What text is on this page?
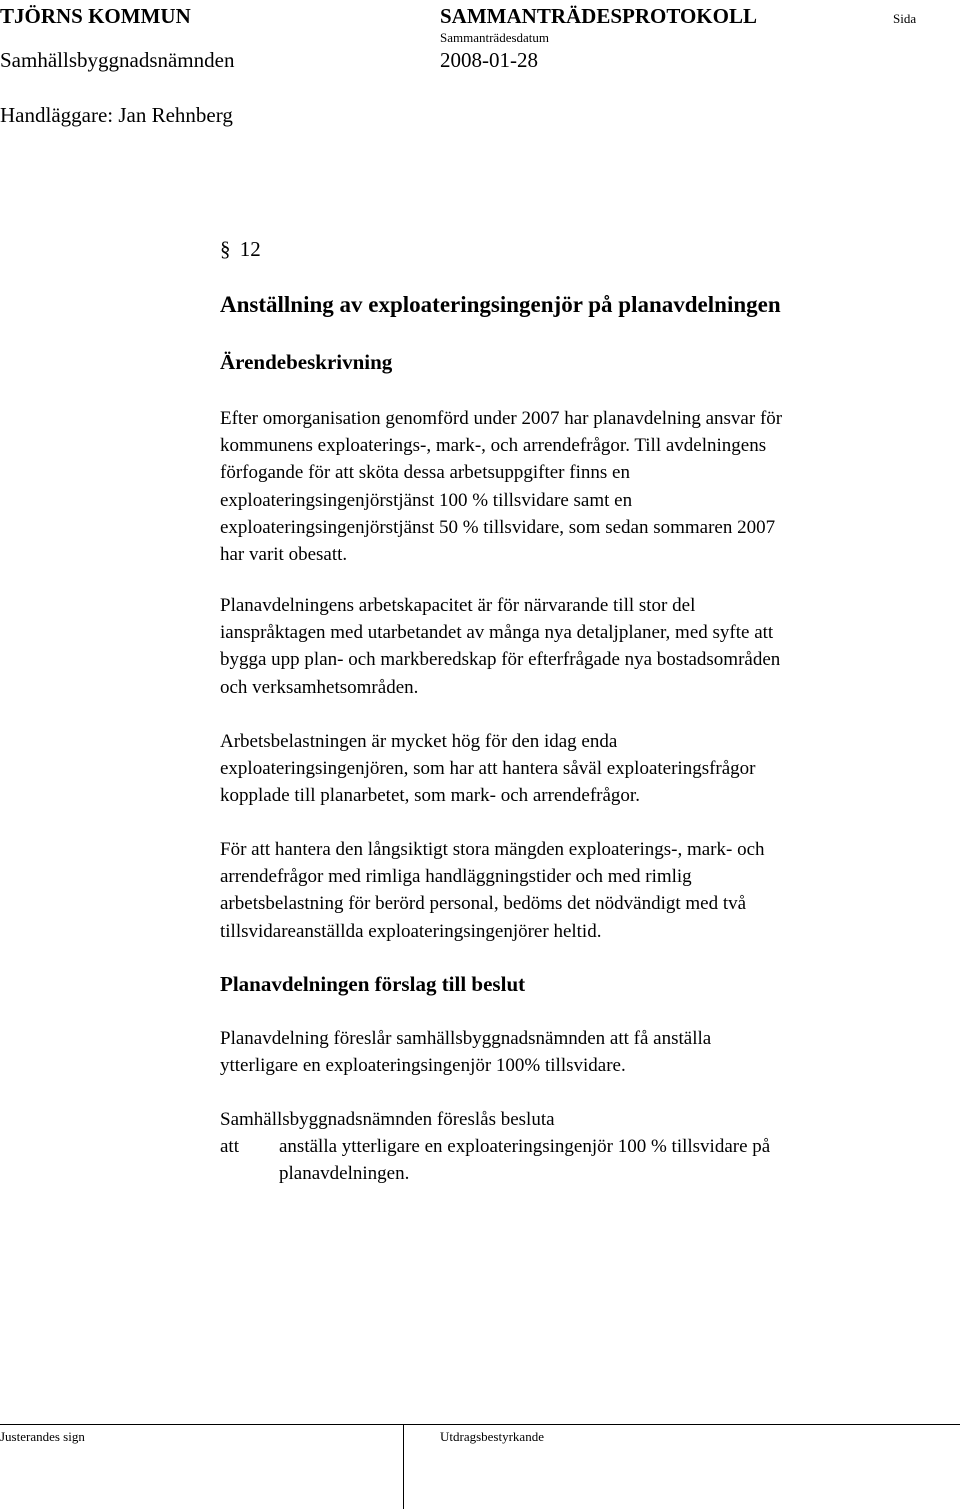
TJÖRNS KOMMUN	SAMMANTRÄDESPROTOKOLL	Sida
Sammanträdesdatum
Samhällsbyggnadsnämnden	2008-01-28
Handläggare: Jan Rehnberg
§ 12
Anställning av exploateringsingenjör på planavdelningen
Ärendebeskrivning
Efter omorganisation genomförd under 2007 har planavdelning ansvar för
kommunens exploaterings-, mark-, och arrendefrågor. Till avdelningens
förfogande för att sköta dessa arbetsuppgifter finns en
exploateringsingenjörstjänst 100 % tillsvidare samt en
exploateringsingenjörstjänst 50 % tillsvidare, som sedan sommaren 2007
har varit obesatt.
Planavdelningens arbetskapacitet är för närvarande till stor del
ianspråktagen med utarbetandet av många nya detaljplaner, med syfte att
bygga upp plan- och markberedskap för efterfrågade nya bostadsområden
och verksamhetsområden.
Arbetsbelastningen är mycket hög för den idag enda
exploateringsingenjören, som har att hantera såväl exploateringsfrågor
kopplade till planarbetet, som mark- och arrendefrågor.
För att hantera den långsiktigt stora mängden exploaterings-, mark- och
arrendefrågor med rimliga handläggningstider och med rimlig
arbetsbelastning för berörd personal, bedöms det nödvändigt med två
tillsvidareanställda exploateringsingenjörer heltid.
Planavdelningen förslag till beslut
Planavdelning föreslår samhällsbyggnadsnämnden att få anställa
ytterligare en exploateringsingenjör 100% tillsvidare.
Samhällsbyggnadsnämnden föreslås besluta
att anställa ytterligare en exploateringsingenjör 100 % tillsvidare på
planavdelningen.
Justerandes sign	Utdragsbestyrkande
